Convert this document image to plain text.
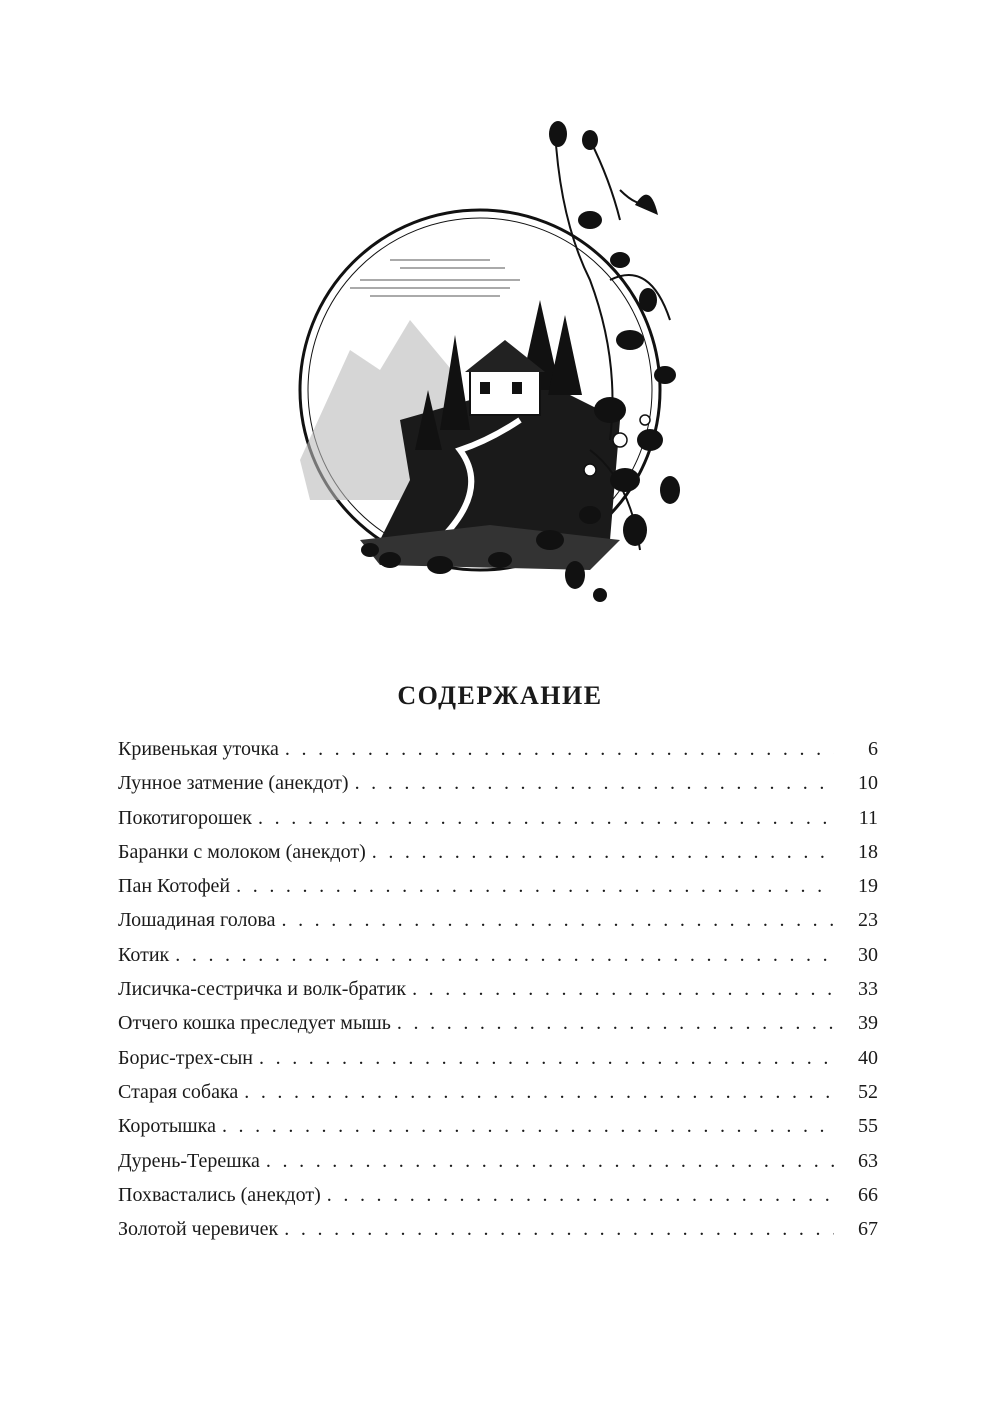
СОДЕРЖАНИЕ
Кривенькая уточка . . .	6
Лунное затмение (анекдот) . . .	10
Покотигорошек . . .	11
Баранки с молоком (анекдот) . . .	18
Пан Котофей . . .	19
Лошадиная голова . . .	23
Котик . . .	30
Лисичка-сестричка и волк-братик . . .	33
Отчего кошка преследует мышь . . .	39
Борис-трех-сын . . .	40
Старая собака . . .	52
Коротышка . . .	55
Дурень-Терешка . . .	63
Похвастались (анекдот) . . .	66
Золотой черевичек . . .	67
